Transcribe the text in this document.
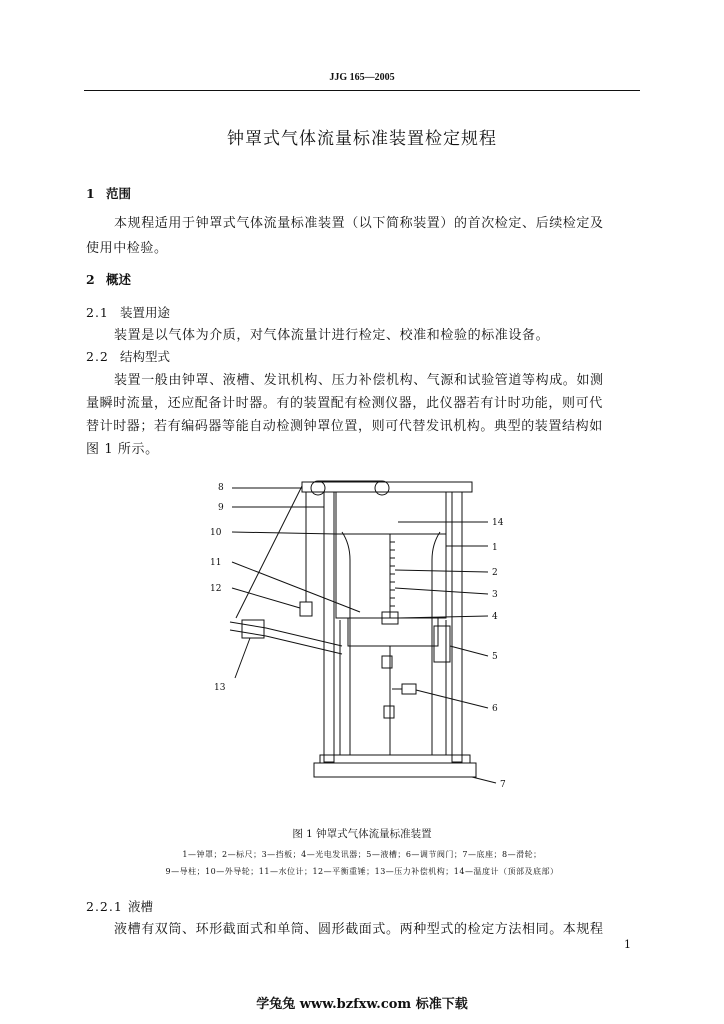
JJG 165—2005
钟罩式气体流量标准装置检定规程
1 范围
本规程适用于钟罩式气体流量标准装置（以下简称装置）的首次检定、后续检定及
使用中检验。
2 概述
2.1 装置用途
装置是以气体为介质，对气体流量计进行检定、校准和检验的标准设备。
2.2 结构型式
装置一般由钟罩、液槽、发讯机构、压力补偿机构、气源和试验管道等构成。如测
量瞬时流量，还应配备计时器。有的装置配有检测仪器，此仪器若有计时功能，则可代
替计时器；若有编码器等能自动检测钟罩位置，则可代替发讯机构。典型的装置结构如
图 1 所示。
8
9
10
11
12
13
14
1
2
3
4
5
6
7
图 1 钟罩式气体流量标准装置
1—钟罩；2—标尺；3—挡板；4—光电发讯器；5—液槽；6—调节阀门；7—底座；8—滑轮；
9—导柱；10—外导轮；11—水位计；12—平衡重锤；13—压力补偿机构；14—温度计（顶部及底部）
2.2.1 液槽
液槽有双筒、环形截面式和单筒、圆形截面式。两种型式的检定方法相同。本规程
1
学兔兔 www.bzfxw.com 标准下载
